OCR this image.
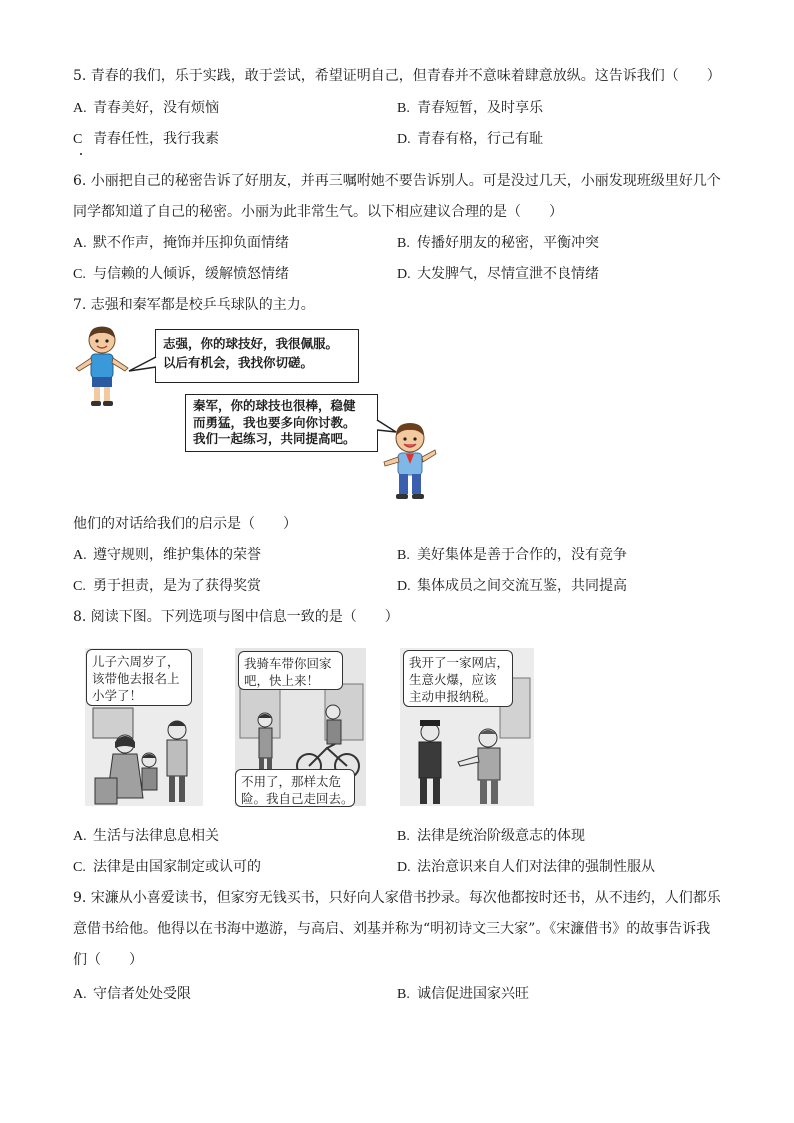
5. 青春的我们，乐于实践，敢于尝试，希望证明自己，但青春并不意味着肆意放纵。这告诉我们（　　）
A. 青春美好，没有烦恼	B. 青春短暂，及时享乐
C 青春任性，我行我素	D. 青春有格，行己有耻
6. 小丽把自己的秘密告诉了好朋友，并再三嘱咐她不要告诉别人。可是没过几天，小丽发现班级里好几个
同学都知道了自己的秘密。小丽为此非常生气。以下相应建议合理的是（　　）
A. 默不作声，掩饰并压抑负面情绪	B. 传播好朋友的秘密，平衡冲突
C. 与信赖的人倾诉，缓解愤怒情绪	D. 大发脾气，尽情宣泄不良情绪
7. 志强和秦军都是校乒乓球队的主力。
志强，你的球技好，我很佩服。
以后有机会，我找你切磋。
秦军，你的球技也很棒，稳健
而勇猛，我也要多向你讨教。
我们一起练习，共同提高吧。
他们的对话给我们的启示是（　　）
A. 遵守规则，维护集体的荣誉	B. 美好集体是善于合作的，没有竞争
C. 勇于担责，是为了获得奖赏	D. 集体成员之间交流互鉴，共同提高
8. 阅读下图。下列选项与图中信息一致的是（　　）
儿子六周岁了，
该带他去报名上
小学了！
我骑车带你回家
吧，快上来！
不用了，那样太危
险。我自己走回去。
我开了一家网店，
生意火爆，应该
主动申报纳税。
A. 生活与法律息息相关	B. 法律是统治阶级意志的体现
C. 法律是由国家制定或认可的	D. 法治意识来自人们对法律的强制性服从
9. 宋濂从小喜爱读书，但家穷无钱买书，只好向人家借书抄录。每次他都按时还书，从不违约，人们都乐
意借书给他。他得以在书海中遨游，与高启、刘基并称为“明初诗文三大家”。《宋濂借书》的故事告诉我
们（　　）
A. 守信者处处受限	B. 诚信促进国家兴旺
